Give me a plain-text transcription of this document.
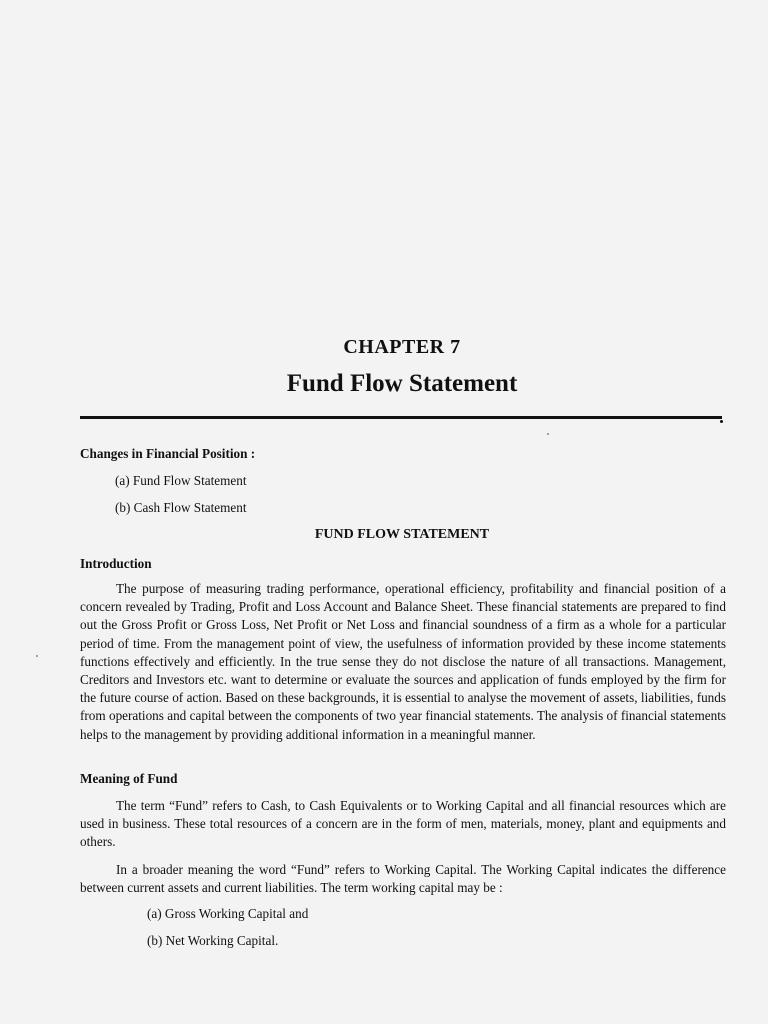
CHAPTER 7
Fund Flow Statement
Changes in Financial Position :
(a) Fund Flow Statement
(b) Cash Flow Statement
FUND FLOW STATEMENT
Introduction
The purpose of measuring trading performance, operational efficiency, profitability and financial position of a concern revealed by Trading, Profit and Loss Account and Balance Sheet. These financial statements are prepared to find out the Gross Profit or Gross Loss, Net Profit or Net Loss and financial soundness of a firm as a whole for a particular period of time. From the management point of view, the usefulness of information provided by these income statements functions effectively and efficiently. In the true sense they do not disclose the nature of all transactions. Management, Creditors and Investors etc. want to determine or evaluate the sources and application of funds employed by the firm for the future course of action. Based on these backgrounds, it is essential to analyse the movement of assets, liabilities, funds from operations and capital between the components of two year financial statements. The analysis of financial statements helps to the management by providing additional information in a meaningful manner.
Meaning of Fund
The term “Fund” refers to Cash, to Cash Equivalents or to Working Capital and all financial resources which are used in business. These total resources of a concern are in the form of men, materials, money, plant and equipments and others.
In a broader meaning the word “Fund” refers to Working Capital. The Working Capital indicates the difference between current assets and current liabilities. The term working capital may be :
(a) Gross Working Capital and
(b) Net Working Capital.
